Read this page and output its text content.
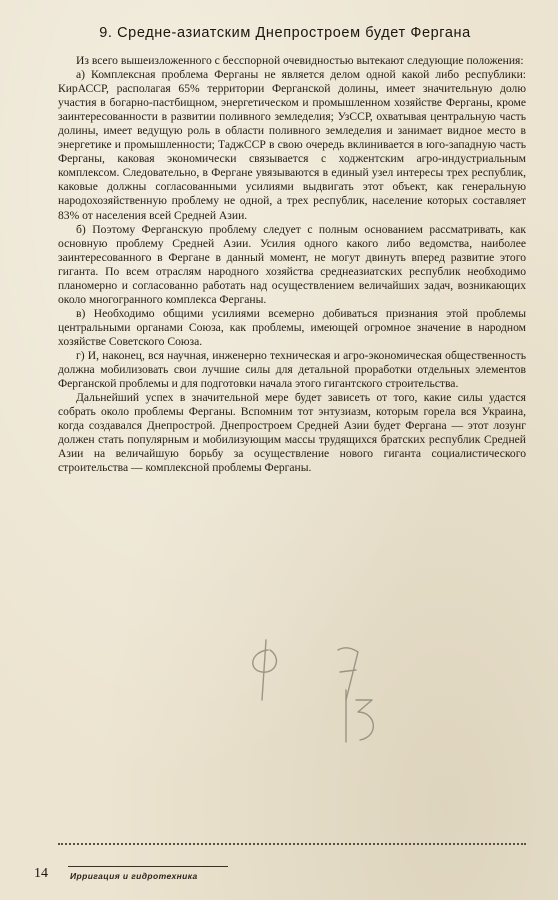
9. Средне-азиатским Днепростроем будет Фергана

Из всего вышеизложенного с бесспорной очевидностью вытекают следующие положения:

а) Комплексная проблема Ферганы не является делом одной какой либо республики: КирАССР, располагая 65% территории Ферганской долины, имеет значительную долю участия в богарно-пастбищном, энергетическом и промышленном хозяйстве Ферганы, кроме заинтересованности в развитии поливного земледелия; УзССР, охватывая центральную часть долины, имеет ведущую роль в области поливного земледелия и занимает видное место в энергетике и промышленности; ТаджССР в свою очередь вклинивается в юго-западную часть Ферганы, каковая экономически связывается с ходжентским агро-индустриальным комплексом. Следовательно, в Фергане увязываются в единый узел интересы трех республик, каковые должны согласованными усилиями выдвигать этот объект, как генеральную народохозяйственную проблему не одной, а трех республик, население которых составляет 83% от населения всей Средней Азии.

б) Поэтому Ферганскую проблему следует с полным основанием рассматривать, как основную проблему Средней Азии. Усилия одного какого либо ведомства, наиболее заинтересованного в Фергане в данный момент, не могут двинуть вперед развитие этого гиганта. По всем отраслям народного хозяйства среднеазиатских республик необходимо планомерно и согласованно работать над осуществлением величайших задач, возникающих около многогранного комплекса Ферганы.

в) Необходимо общими усилиями всемерно добиваться признания этой проблемы центральными органами Союза, как проблемы, имеющей огромное значение в народном хозяйстве Советского Союза.

г) И, наконец, вся научная, инженерно техническая и агро-экономическая общественность должна мобилизовать свои лучшие силы для детальной проработки отдельных элементов Ферганской проблемы и для подготовки начала этого гигантского строительства.

Дальнейший успех в значительной мере будет зависеть от того, какие силы удастся собрать около проблемы Ферганы. Вспомним тот энтузиазм, которым горела вся Украина, когда создавался Днепрострой. Днепростроем Средней Азии будет Фергана — этот лозунг должен стать популярным и мобилизующим массы трудящихся братских республик Средней Азии на величайшую борьбу за осуществление нового гиганта социалистического строительства — комплексной проблемы Ферганы.

14	Ирригация и гидротехника
